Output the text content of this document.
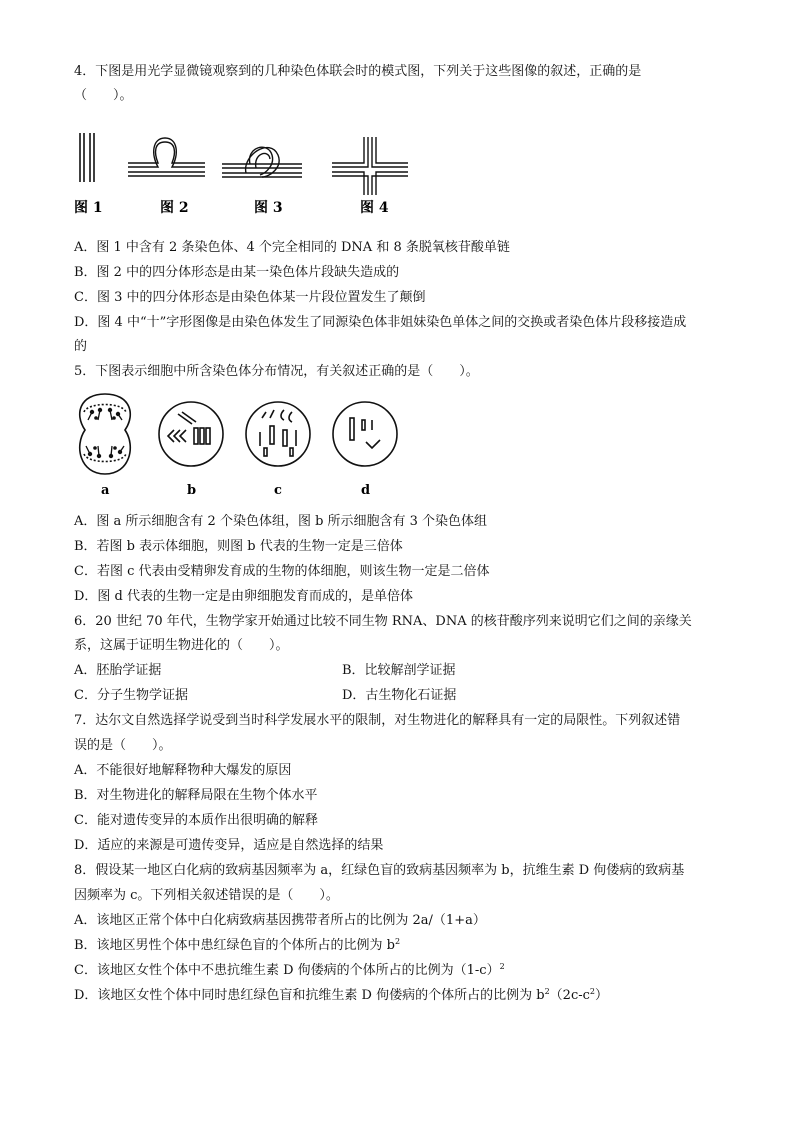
4．下图是用光学显微镜观察到的几种染色体联会时的模式图，下列关于这些图像的叙述，正确的是
（　　）。
图 1	图 2	图 3	图 4
A．图 1 中含有 2 条染色体、4 个完全相同的 DNA 和 8 条脱氧核苷酸单链
B．图 2 中的四分体形态是由某一染色体片段缺失造成的
C．图 3 中的四分体形态是由染色体某一片段位置发生了颠倒
D．图 4 中“十”字形图像是由染色体发生了同源染色体非姐妹染色单体之间的交换或者染色体片段移接造成
的
5．下图表示细胞中所含染色体分布情况，有关叙述正确的是（　　）。
a	b	c	d
A．图 a 所示细胞含有 2 个染色体组，图 b 所示细胞含有 3 个染色体组
B．若图 b 表示体细胞，则图 b 代表的生物一定是三倍体
C．若图 c 代表由受精卵发育成的生物的体细胞，则该生物一定是二倍体
D．图 d 代表的生物一定是由卵细胞发育而成的，是单倍体
6．20 世纪 70 年代，生物学家开始通过比较不同生物 RNA、DNA 的核苷酸序列来说明它们之间的亲缘关
系，这属于证明生物进化的（　　）。
A．胚胎学证据	B．比较解剖学证据
C．分子生物学证据	D．古生物化石证据
7．达尔文自然选择学说受到当时科学发展水平的限制，对生物进化的解释具有一定的局限性。下列叙述错
误的是（　　）。
A．不能很好地解释物种大爆发的原因
B．对生物进化的解释局限在生物个体水平
C．能对遗传变异的本质作出很明确的解释
D．适应的来源是可遗传变异，适应是自然选择的结果
8．假设某一地区白化病的致病基因频率为 a，红绿色盲的致病基因频率为 b，抗维生素 D 佝偻病的致病基
因频率为 c。下列相关叙述错误的是（　　）。
A．该地区正常个体中白化病致病基因携带者所占的比例为 2a/（1+a）
B．该地区男性个体中患红绿色盲的个体所占的比例为 $b^2$
C．该地区女性个体中不患抗维生素 D 佝偻病的个体所占的比例为$(1-c)^2$
D．该地区女性个体中同时患红绿色盲和抗维生素 D 佝偻病的个体所占的比例为 $b^2(2c-c^2)$
